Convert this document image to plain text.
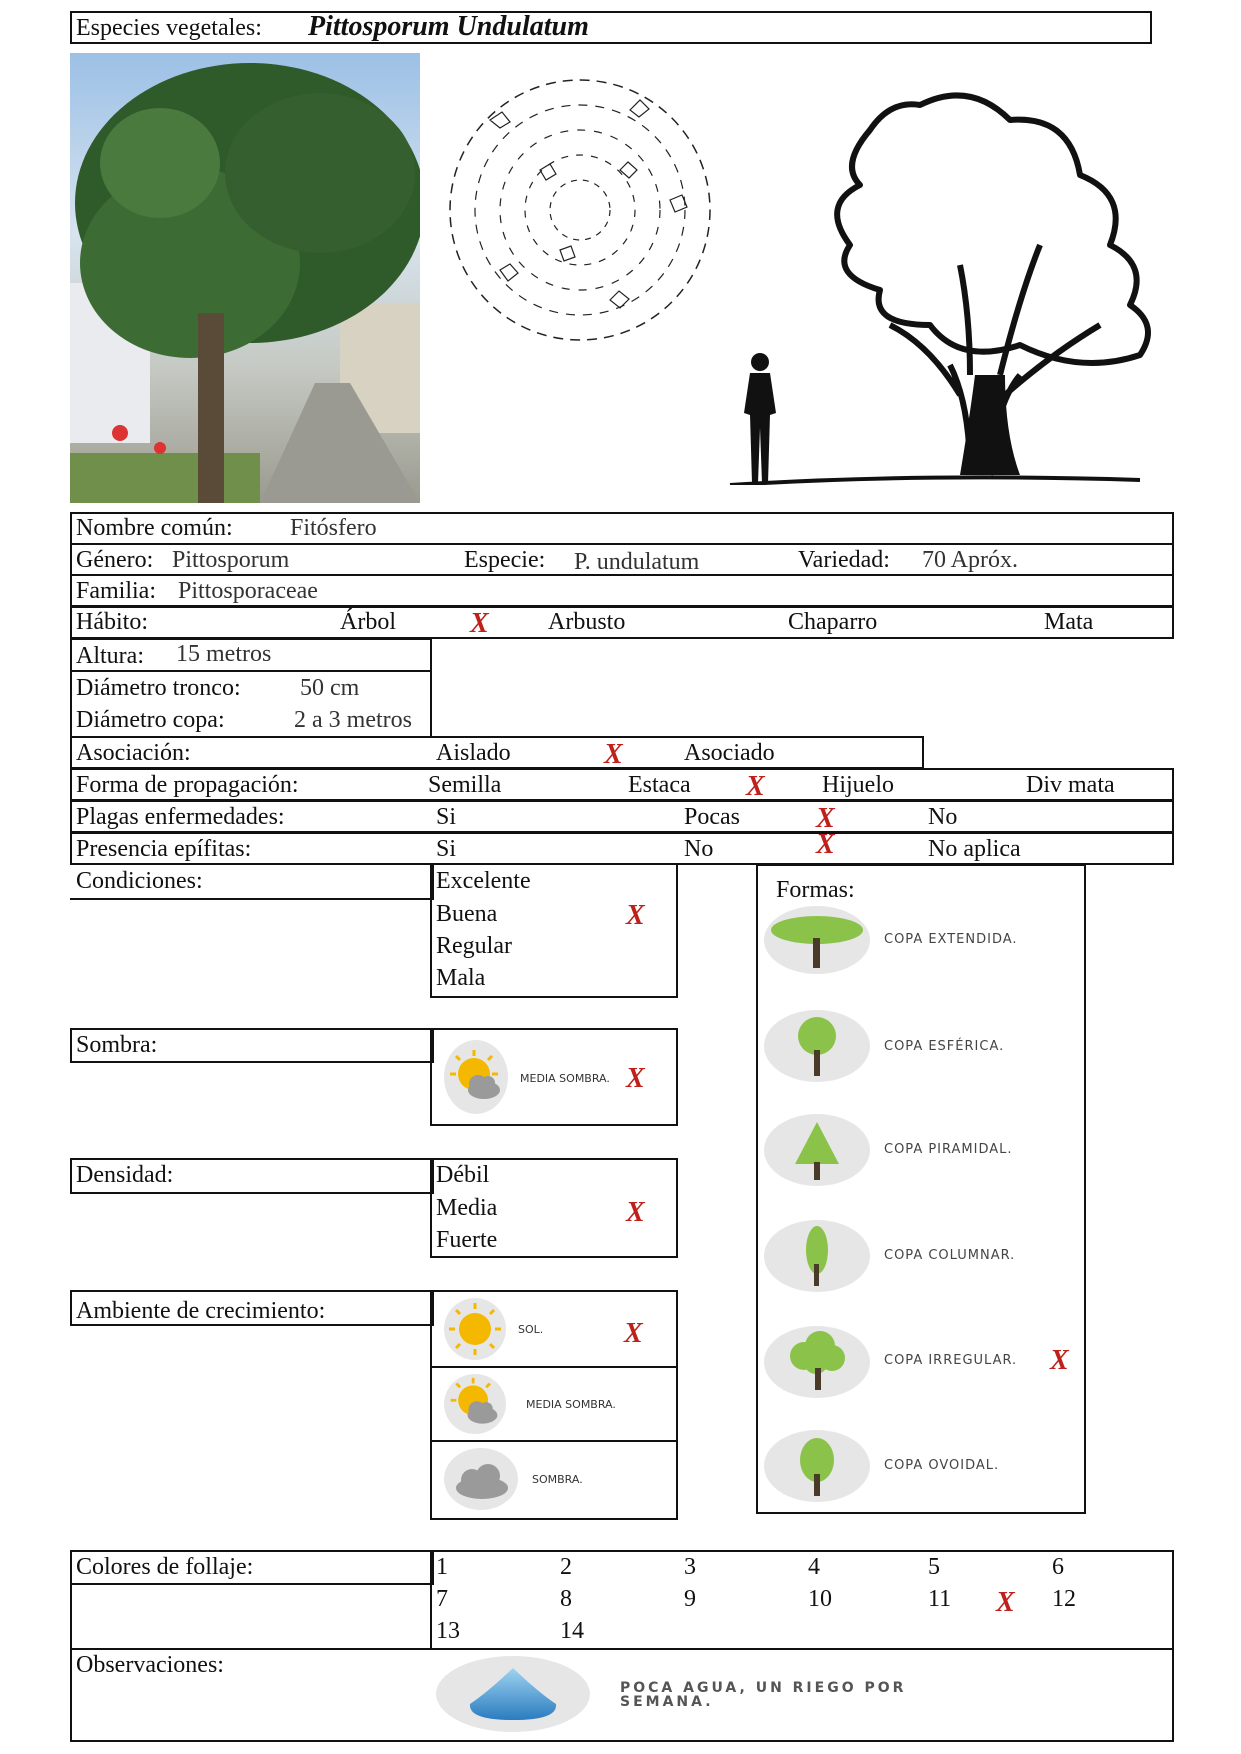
Especies vegetales: Pittosporum Undulatum
Nombre común: Fitósfero
Género: Pittosporum	Especie: P. undulatum	Variedad: 70 Apróx.
Familia: Pittosporaceae
Hábito:	Árbol	X Arbusto	Chaparro	Mata
Altura: 15 metros
Diámetro tronco: 50 cm
Diámetro copa:	2 a 3 metros
Asociación:	Aislado	X	Asociado
Forma de propagación:	Semilla	Estaca X Hijuelo	Div mata
Plagas enfermedades:	Si	Pocas	X	No
Presencia epífitas:	Si	No	X	No aplica
Condiciones:	Excelente
Buena	X
Regular
Mala
Sombra:
MEDIA SOMBRA. X
Densidad:	Débil
Media	X
Fuerte
Ambiente de crecimiento:
SOL.	X
MEDIA SOMBRA.
SOMBRA.
Formas:
COPA EXTENDIDA.
COPA ESFÉRICA.
COPA PIRAMIDAL.
COPA COLUMNAR.
COPA IRREGULAR. X
COPA OVOIDAL.
Colores de follaje:	1	2	3	4	5	6
7	8	9	10	11 X 12
13	14
Observaciones:
POCA AGUA, UN RIEGO POR
SEMANA.
